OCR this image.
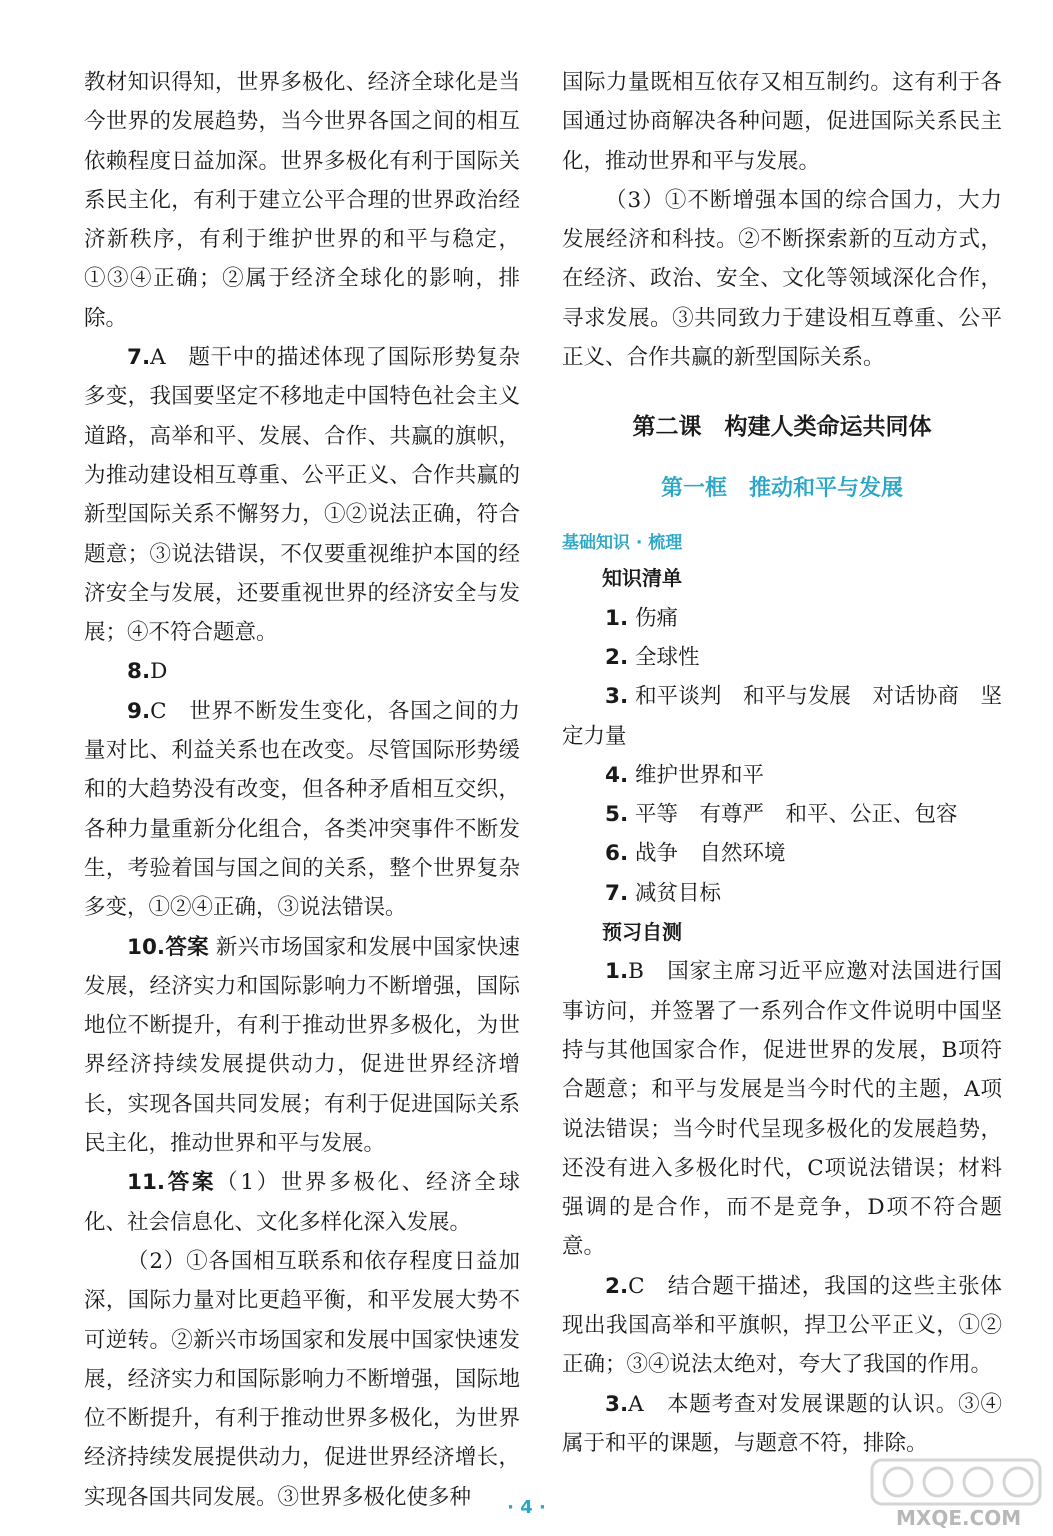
教材知识得知，世界多极化、经济全球化是当今世界的发展趋势，当今世界各国之间的相互依赖程度日益加深。世界多极化有利于国际关系民主化，有利于建立公平合理的世界政治经济新秩序，有利于维护世界的和平与稳定，①③④正确；②属于经济全球化的影响，排除。

7.A　题干中的描述体现了国际形势复杂多变，我国要坚定不移地走中国特色社会主义道路，高举和平、发展、合作、共赢的旗帜，为推动建设相互尊重、公平正义、合作共赢的新型国际关系不懈努力，①②说法正确，符合题意；③说法错误，不仅要重视维护本国的经济安全与发展，还要重视世界的经济安全与发展；④不符合题意。

8.D

9.C　世界不断发生变化，各国之间的力量对比、利益关系也在改变。尽管国际形势缓和的大趋势没有改变，但各种矛盾相互交织，各种力量重新分化组合，各类冲突事件不断发生，考验着国与国之间的关系，整个世界复杂多变，①②④正确，③说法错误。

10.答案 新兴市场国家和发展中国家快速发展，经济实力和国际影响力不断增强，国际地位不断提升，有利于推动世界多极化，为世界经济持续发展提供动力，促进世界经济增长，实现各国共同发展；有利于促进国际关系民主化，推动世界和平与发展。

11.答案（1）世界多极化、经济全球化、社会信息化、文化多样化深入发展。

（2）①各国相互联系和依存程度日益加深，国际力量对比更趋平衡，和平发展大势不可逆转。②新兴市场国家和发展中国家快速发展，经济实力和国际影响力不断增强，国际地位不断提升，有利于推动世界多极化，为世界经济持续发展提供动力，促进世界经济增长，实现各国共同发展。③世界多极化使多种

国际力量既相互依存又相互制约。这有利于各国通过协商解决各种问题，促进国际关系民主化，推动世界和平与发展。

（3）①不断增强本国的综合国力，大力发展经济和科技。②不断探索新的互动方式，在经济、政治、安全、文化等领域深化合作，寻求发展。③共同致力于建设相互尊重、公平正义、合作共赢的新型国际关系。

第二课　构建人类命运共同体
第一框　推动和平与发展
基础知识 · 梳理

知识清单

1. 伤痛

2. 全球性

3. 和平谈判　和平与发展　对话协商　坚定力量

4. 维护世界和平

5. 平等　有尊严　和平、公正、包容

6. 战争　自然环境

7. 减贫目标

预习自测

1.B　国家主席习近平应邀对法国进行国事访问，并签署了一系列合作文件说明中国坚持与其他国家合作，促进世界的发展，B项符合题意；和平与发展是当今时代的主题，A项说法错误；当今时代呈现多极化的发展趋势，还没有进入多极化时代，C项说法错误；材料强调的是合作，而不是竞争，D项不符合题意。

2.C　结合题干描述，我国的这些主张体现出我国高举和平旗帜，捍卫公平正义，①②正确；③④说法太绝对，夸大了我国的作用。

3.A　本题考查对发展课题的认识。③④属于和平的课题，与题意不符，排除。

· 4 ·	MXQE.COM
